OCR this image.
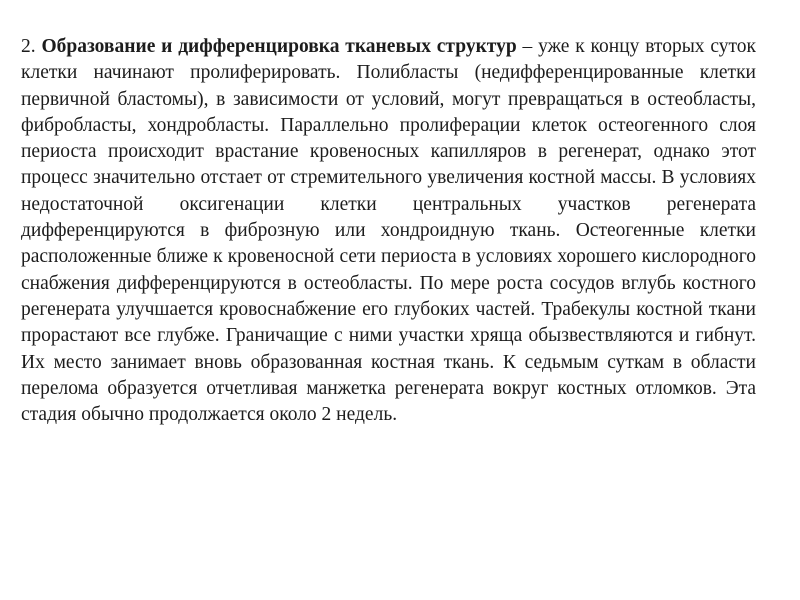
2. Образование и дифференцировка тканевых структур – уже к концу вторых суток клетки начинают пролиферировать. Полибласты (недифференцированные клетки первичной бластомы), в зависимости от условий, могут превращаться в остеобласты, фибробласты, хондробласты. Параллельно пролиферации клеток остеогенного слоя периоста происходит врастание кровеносных капилляров в регенерат, однако этот процесс значительно отстает от стремительного увеличения костной массы. В условиях недостаточной оксигенации клетки центральных участков регенерата дифференцируются в фиброзную или хондроидную ткань. Остеогенные клетки расположенные ближе к кровеносной сети периоста в условиях хорошего кислородного снабжения дифференцируются в остеобласты. По мере роста сосудов вглубь костного регенерата улучшается кровоснабжение его глубоких частей. Трабекулы костной ткани прорастают все глубже. Граничащие с ними участки хряща обызвествляются и гибнут. Их место занимает вновь образованная костная ткань. К седьмым суткам в области перелома образуется отчетливая манжетка регенерата вокруг костных отломков. Эта стадия обычно продолжается около 2 недель.
